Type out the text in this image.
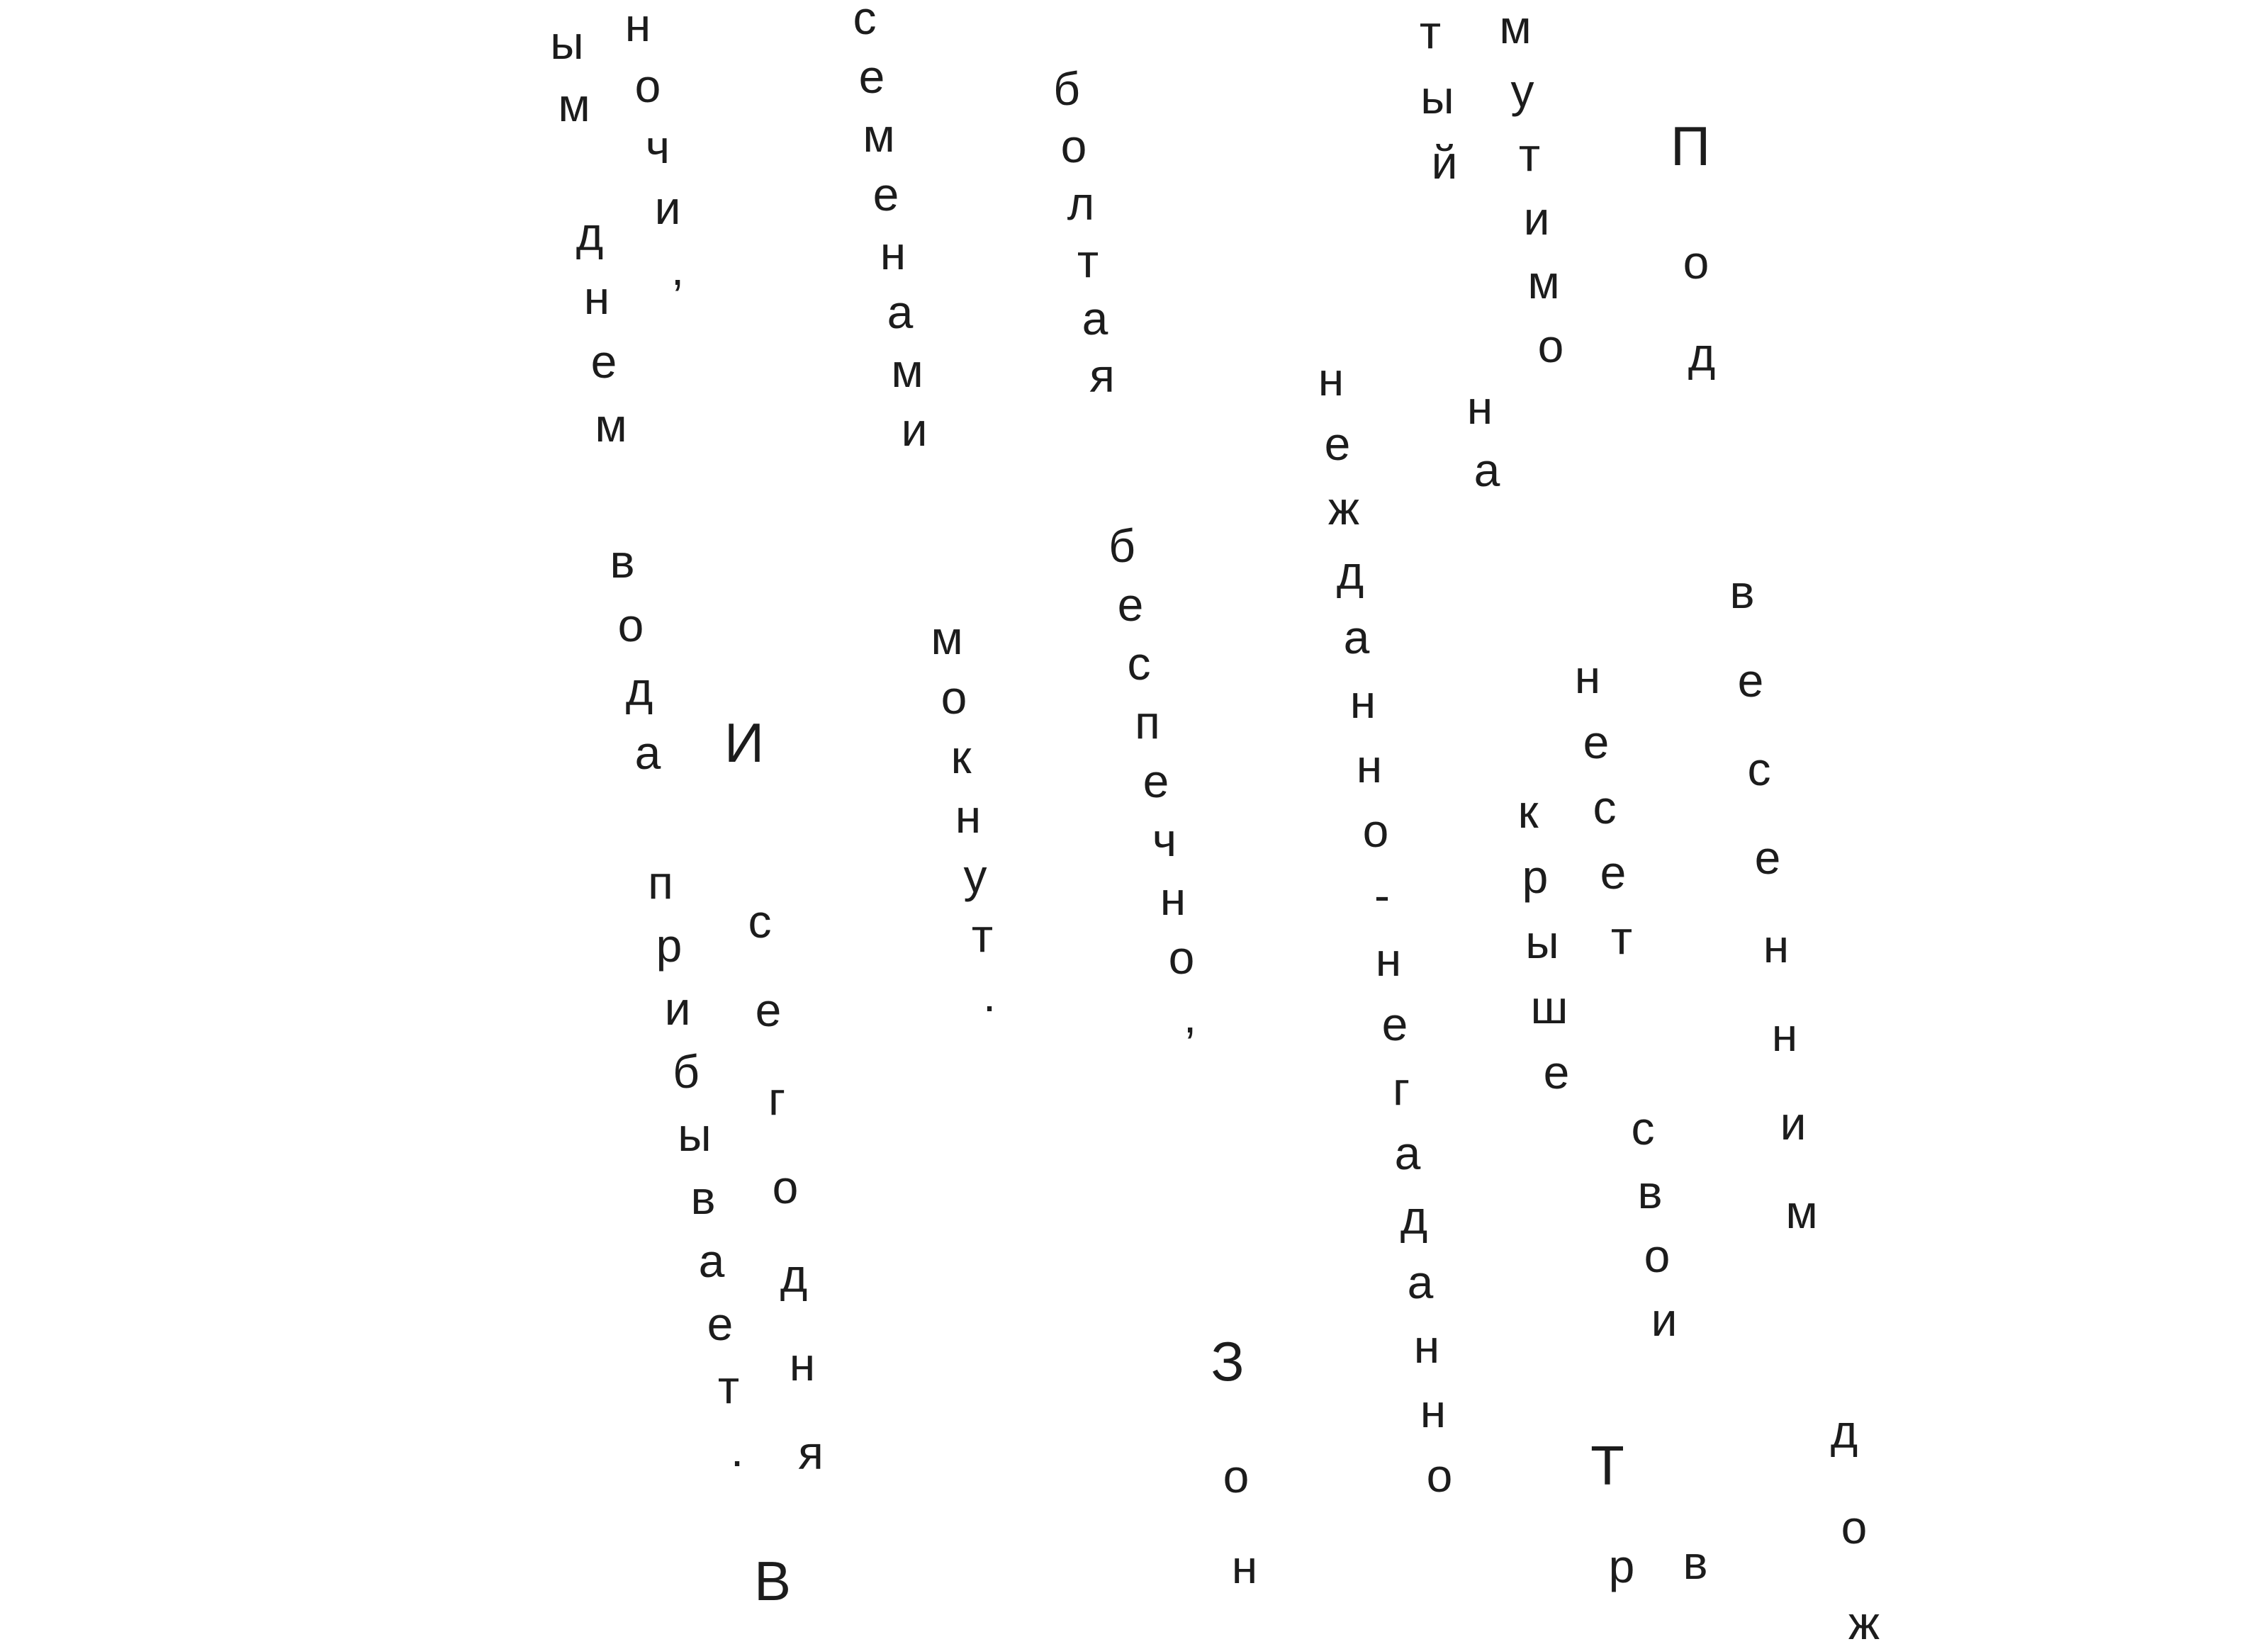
ы
м
н
о
ч
и
,
д
н
е
м
в
о
д
а
п
р
и
б
ы
в
а
е
т
.
И
с
е
г
о
д
н
я
В
с
е
м
е
н
а
м
и
м
о
к
н
у
т
.
б
о
л
т
а
я
б
е
с
п
е
ч
н
о
,
З
о
н
н
е
ж
д
а
н
н
о
-
н
е
г
а
д
а
н
н
о
т
ы
й
м
у
т
и
м
о
н
а
н
е
с
е
т
к
р
ы
ш
е
с
в
о
и
Т
р в
П
о
д
в
е
с
е
н
н
и
м
д
о
ж
